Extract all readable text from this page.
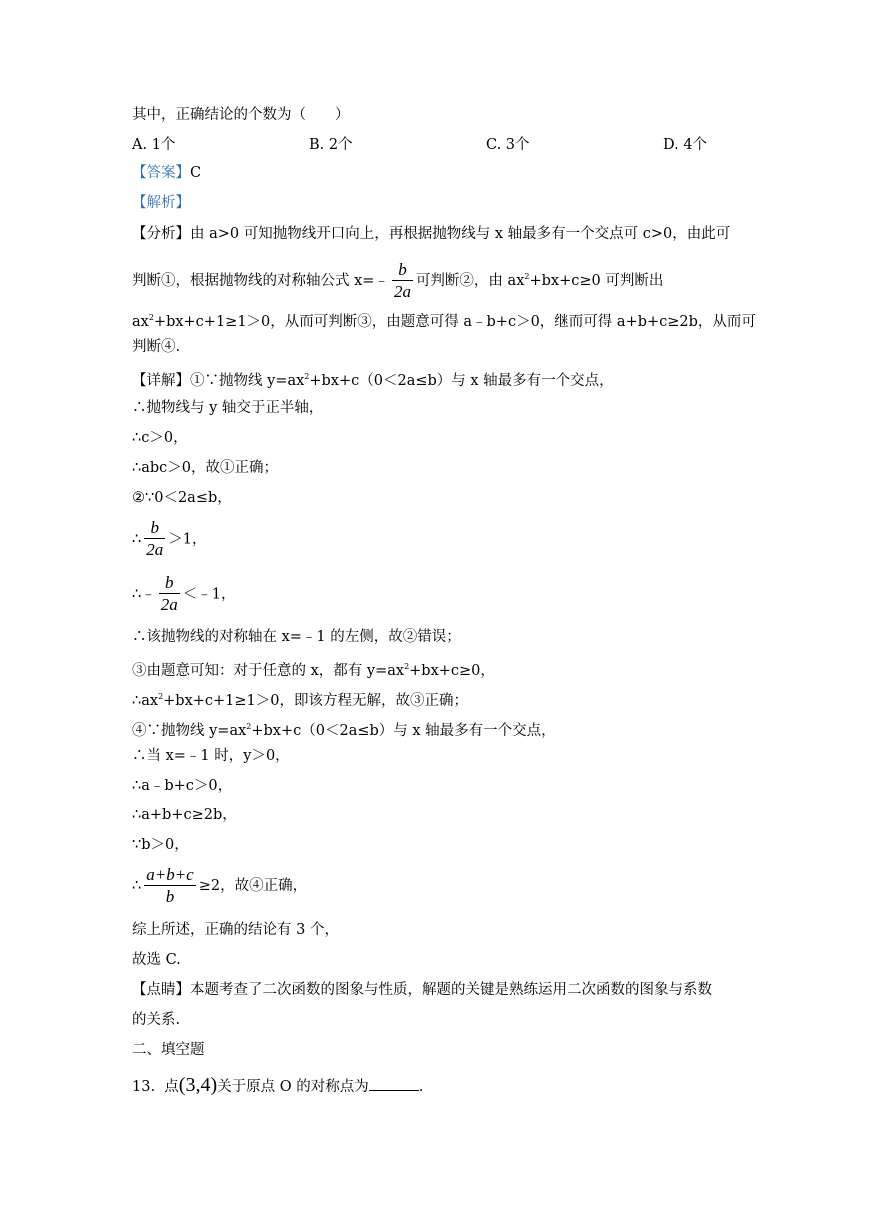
其中，正确结论的个数为（　　）
A. 1个	B. 2个	C. 3个	D. 4个
【答案】C
【解析】
【分析】由 a>0 可知抛物线开口向上，再根据抛物线与 x 轴最多有一个交点可 c>0，由此可
判断①，根据抛物线的对称轴公式 x=﹣ $\frac{b}{2a}$ 可判断②，由 $ax^2+bx+c\ge 0$ 可判断出
$ax^2+bx+c+1\ge 1>0$，从而可判断③，由题意可得 a﹣b+c＞0，继而可得 a+b+c≥2b，从而可
判断④.
【详解】①∵抛物线 $y=ax^2+bx+c(0<2a\le b)$与 x 轴最多有一个交点，
∴抛物线与 y 轴交于正半轴，
∴c＞0，
∴abc＞0，故①正确；
②∵0＜2a≤b，
∴ $\frac{b}{2a} >1$，
∴﹣ $\frac{b}{2a}$ ＜﹣1，
∴该抛物线的对称轴在 x=﹣1 的左侧，故②错误；
③由题意可知：对于任意的 x，都有 $y=ax^2+bx+c\ge 0$，
$\therefore ax^2+bx+c+1\ge 1>0$，即该方程无解，故③正确；
④∵抛物线 $y=ax^2+bx+c(0<2a\le b)$与 x 轴最多有一个交点，
∴当 x=﹣1 时，y＞0，
∴a﹣b+c＞0，
∴a+b+c≥2b，
∵b＞0，
∴ $\frac{a+b+c}{b} \ge 2$，故④正确，
综上所述，正确的结论有 3 个，
故选 C.
【点睛】本题考查了二次函数的图象与性质，解题的关键是熟练运用二次函数的图象与系数
的关系.
二、填空题
13. 点(3,4)关于原点 O 的对称点为	.
